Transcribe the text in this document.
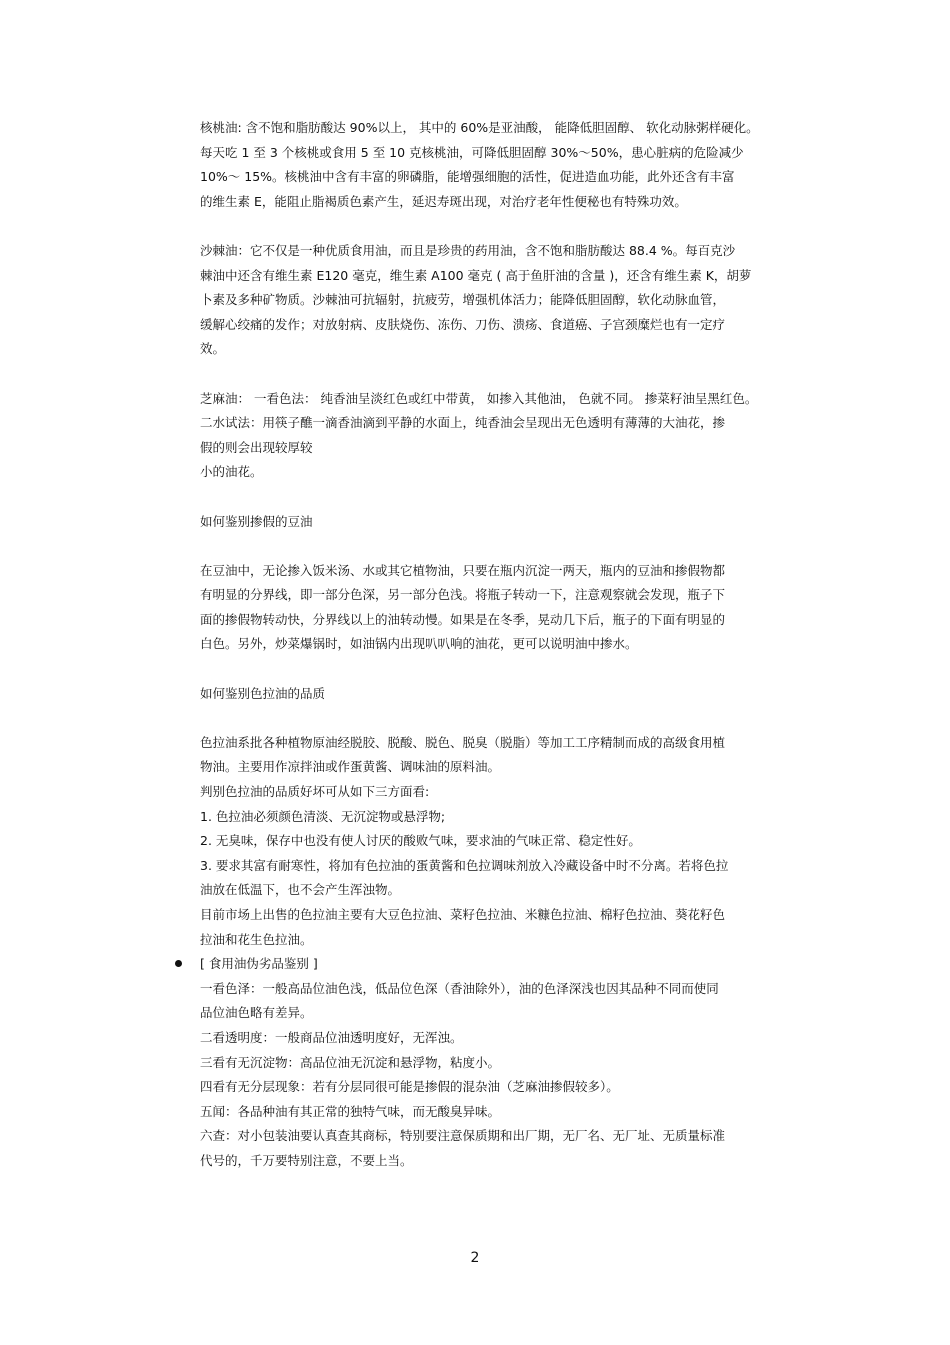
核桃油: 含不饱和脂肪酸达 90%以上， 其中的 60%是亚油酸， 能降低胆固醇、 软化动脉粥样硬化。

每天吃 1 至 3 个核桃或食用 5 至 10 克核桃油，可降低胆固醇 30%～50%，患心脏病的危险减少

10%～ 15%。核桃油中含有丰富的卵磷脂，能增强细胞的活性，促进造血功能，此外还含有丰富

的维生素 E，能阻止脂褐质色素产生，延迟寿斑出现，对治疗老年性便秘也有特殊功效。

沙棘油：它不仅是一种优质食用油，而且是珍贵的药用油，含不饱和脂肪酸达 88.4 %。每百克沙

棘油中还含有维生素 E120 毫克，维生素 A100 毫克 ( 高于鱼肝油的含量 )，还含有维生素 K，胡萝

卜素及多种矿物质。沙棘油可抗辐射，抗疲劳，增强机体活力；能降低胆固醇，软化动脉血管，

缓解心绞痛的发作；对放射病、皮肤烧伤、冻伤、刀伤、溃疡、食道癌、子宫颈糜烂也有一定疗

效。

芝麻油： 一看色法： 纯香油呈淡红色或红中带黄， 如掺入其他油， 色就不同。 掺菜籽油呈黑红色。

二水试法：用筷子醮一滴香油滴到平静的水面上，纯香油会呈现出无色透明有薄薄的大油花，掺

假的则会出现较厚较

小的油花。

如何鉴别掺假的豆油

在豆油中，无论掺入饭米汤、水或其它植物油，只要在瓶内沉淀一两天，瓶内的豆油和掺假物都

有明显的分界线，即一部分色深，另一部分色浅。将瓶子转动一下，注意观察就会发现，瓶子下

面的掺假物转动快，分界线以上的油转动慢。如果是在冬季，晃动几下后，瓶子的下面有明显的

白色。另外，炒菜爆锅时，如油锅内出现叭叭响的油花，更可以说明油中掺水。

如何鉴别色拉油的品质

色拉油系批各种植物原油经脱胶、脱酸、脱色、脱臭（脱脂）等加工工序精制而成的高级食用植

物油。主要用作凉拌油或作蛋黄酱、调味油的原料油。

判别色拉油的品质好坏可从如下三方面看:

1. 色拉油必须颜色清淡、无沉淀物或悬浮物;

2. 无臭味，保存中也没有使人讨厌的酸败气味，要求油的气味正常、稳定性好。

3. 要求其富有耐寒性，将加有色拉油的蛋黄酱和色拉调味剂放入冷藏设备中时不分离。若将色拉

油放在低温下，也不会产生浑浊物。

目前市场上出售的色拉油主要有大豆色拉油、菜籽色拉油、米糠色拉油、棉籽色拉油、葵花籽色

拉油和花生色拉油。

[ 食用油伪劣品鉴别 ]

一看色泽：一般高品位油色浅，低品位色深（香油除外），油的色泽深浅也因其品种不同而使同

品位油色略有差异。

二看透明度：一般商品位油透明度好，无浑浊。

三看有无沉淀物：高品位油无沉淀和悬浮物，粘度小。

四看有无分层现象：若有分层同很可能是掺假的混杂油（芝麻油掺假较多）。

五闻：各品种油有其正常的独特气味，而无酸臭异味。

六查：对小包装油要认真查其商标，特别要注意保质期和出厂期，无厂名、无厂址、无质量标准

代号的，千万要特别注意，不要上当。

2
